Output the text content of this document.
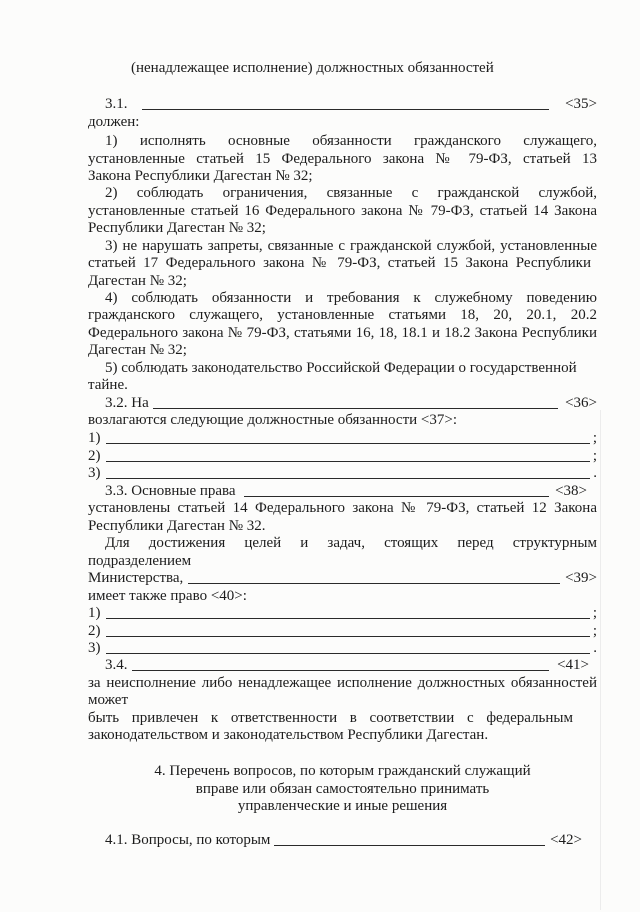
(ненадлежащее исполнение) должностных обязанностей
3.1.	<35>
должен:
1) исполнять основные обязанности гражданского служащего,
установленные статьей 15 Федерального закона № 79-ФЗ, статьей 13
Закона Республики Дагестан № 32;
2) соблюдать ограничения, связанные с гражданской службой,
установленные статьей 16 Федерального закона № 79-ФЗ, статьей 14 Закона
Республики Дагестан № 32;
3) не нарушать запреты, связанные с гражданской службой, установленные
статьей 17 Федерального закона № 79-ФЗ, статьей 15 Закона Республики
Дагестан № 32;
4) соблюдать обязанности и требования к служебному поведению
гражданского служащего, установленные статьями 18, 20, 20.1, 20.2
Федерального закона № 79-ФЗ, статьями 16, 18, 18.1 и 18.2 Закона Республики
Дагестан № 32;
5) соблюдать законодательство Российской Федерации о государственной
тайне.
3.2. На	<36>
возлагаются следующие должностные обязанности <37>:
1)	;
2)	;
3)	.
3.3. Основные права	<38>
установлены статьей 14 Федерального закона № 79-ФЗ, статьей 12 Закона
Республики Дагестан № 32.
Для достижения целей и задач, стоящих перед структурным
подразделением
Министерства,	<39>
имеет также право <40>:
1)	;
2)	;
3)	.
3.4.	<41>
за неисполнение либо ненадлежащее исполнение должностных обязанностей
может
быть привлечен к ответственности в соответствии с федеральным
законодательством и законодательством Республики Дагестан.
4. Перечень вопросов, по которым гражданский служащий
вправе или обязан самостоятельно принимать
управленческие и иные решения
4.1. Вопросы, по которым	<42>
